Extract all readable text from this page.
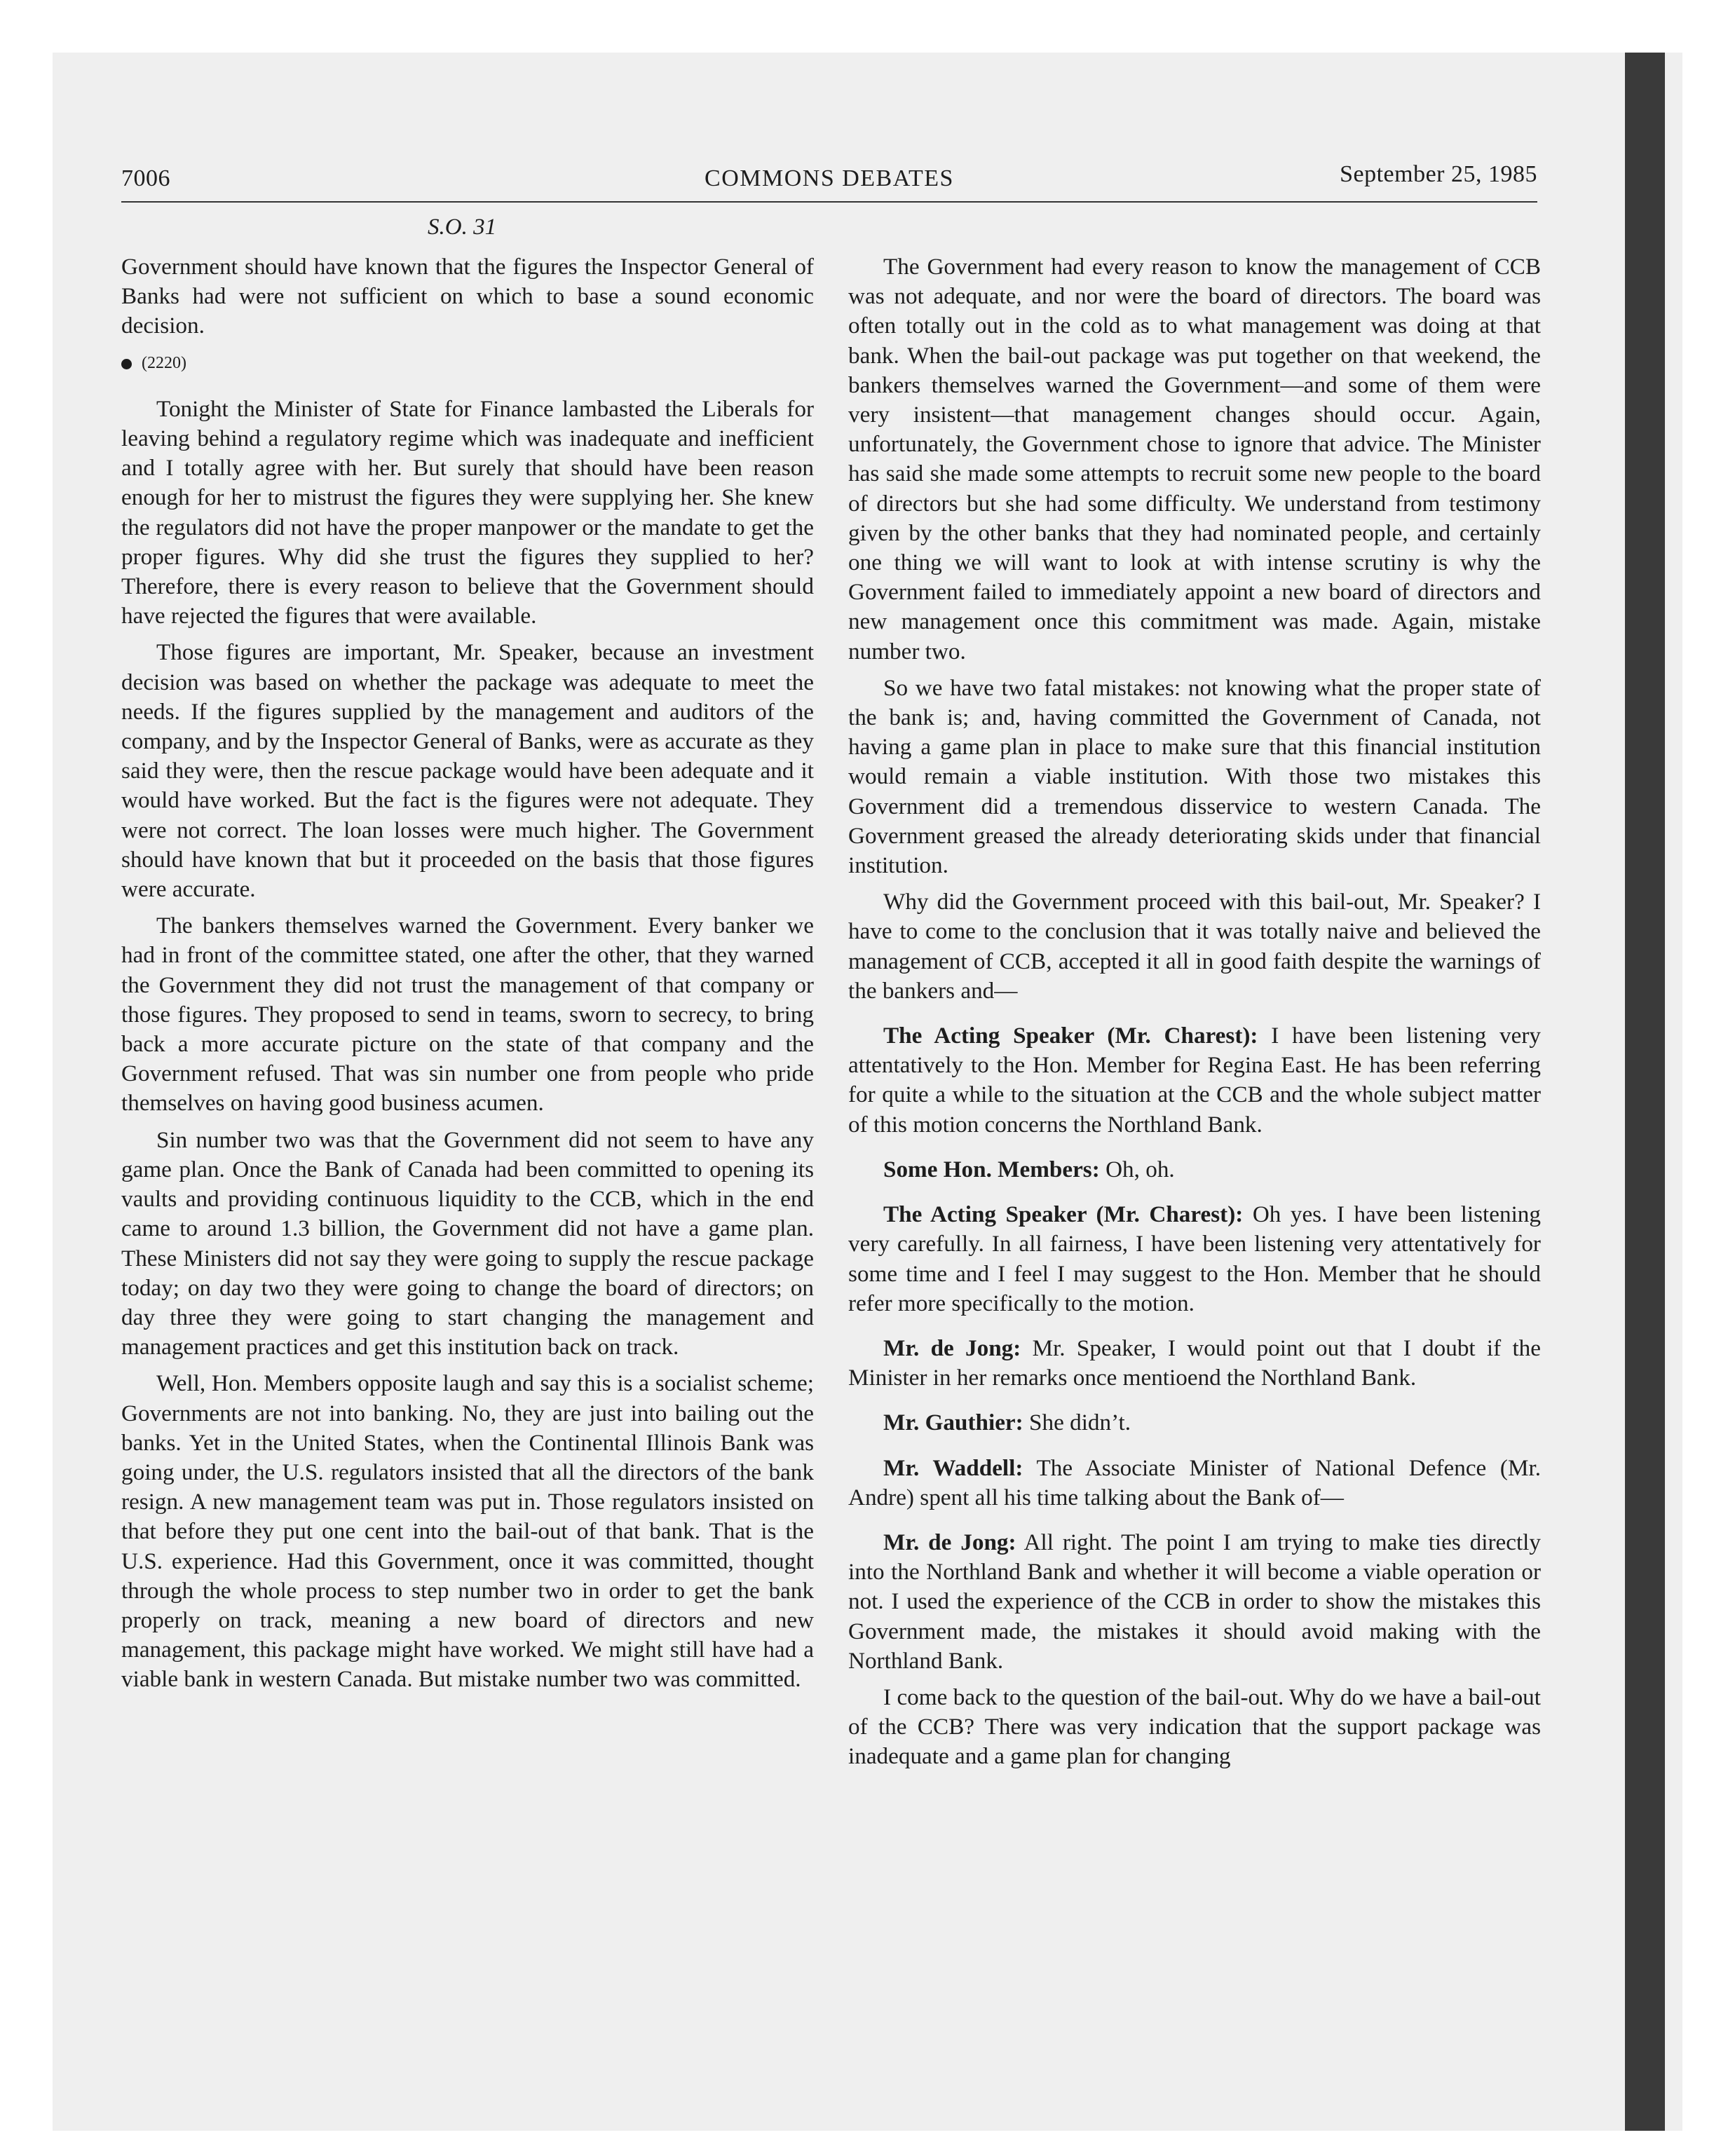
7006	COMMONS DEBATES	September 25, 1985
S.O. 31

Government should have known that the figures the Inspector General of Banks had were not sufficient on which to base a sound economic decision.

(2220)

Tonight the Minister of State for Finance lambasted the Liberals for leaving behind a regulatory regime which was inadequate and inefficient and I totally agree with her. But surely that should have been reason enough for her to mistrust the figures they were supplying her. She knew the regulators did not have the proper manpower or the mandate to get the proper figures. Why did she trust the figures they supplied to her? Therefore, there is every reason to believe that the Government should have rejected the figures that were available.

Those figures are important, Mr. Speaker, because an investment decision was based on whether the package was adequate to meet the needs. If the figures supplied by the management and auditors of the company, and by the Inspector General of Banks, were as accurate as they said they were, then the rescue package would have been adequate and it would have worked. But the fact is the figures were not adequate. They were not correct. The loan losses were much higher. The Government should have known that but it proceeded on the basis that those figures were accurate.

The bankers themselves warned the Government. Every banker we had in front of the committee stated, one after the other, that they warned the Government they did not trust the management of that company or those figures. They proposed to send in teams, sworn to secrecy, to bring back a more accurate picture on the state of that company and the Government refused. That was sin number one from people who pride themselves on having good business acumen.

Sin number two was that the Government did not seem to have any game plan. Once the Bank of Canada had been committed to opening its vaults and providing continuous liquidity to the CCB, which in the end came to around 1.3 billion, the Government did not have a game plan. These Ministers did not say they were going to supply the rescue package today; on day two they were going to change the board of directors; on day three they were going to start changing the management and management practices and get this institution back on track.

Well, Hon. Members opposite laugh and say this is a socialist scheme; Governments are not into banking. No, they are just into bailing out the banks. Yet in the United States, when the Continental Illinois Bank was going under, the U.S. regulators insisted that all the directors of the bank resign. A new management team was put in. Those regulators insisted on that before they put one cent into the bail-out of that bank. That is the U.S. experience. Had this Government, once it was committed, thought through the whole process to step number two in order to get the bank properly on track, meaning a new board of directors and new management, this package might have worked. We might still have had a viable bank in western Canada. But mistake number two was committed.

The Government had every reason to know the management of CCB was not adequate, and nor were the board of directors. The board was often totally out in the cold as to what management was doing at that bank. When the bail-out package was put together on that weekend, the bankers themselves warned the Government—and some of them were very insistent—that management changes should occur. Again, unfortunately, the Government chose to ignore that advice. The Minister has said she made some attempts to recruit some new people to the board of directors but she had some difficulty. We understand from testimony given by the other banks that they had nominated people, and certainly one thing we will want to look at with intense scrutiny is why the Government failed to immediately appoint a new board of directors and new management once this commitment was made. Again, mistake number two.

So we have two fatal mistakes: not knowing what the proper state of the bank is; and, having committed the Government of Canada, not having a game plan in place to make sure that this financial institution would remain a viable institution. With those two mistakes this Government did a tremendous disservice to western Canada. The Government greased the already deteriorating skids under that financial institution.

Why did the Government proceed with this bail-out, Mr. Speaker? I have to come to the conclusion that it was totally naive and believed the management of CCB, accepted it all in good faith despite the warnings of the bankers and—

The Acting Speaker (Mr. Charest): I have been listening very attentatively to the Hon. Member for Regina East. He has been referring for quite a while to the situation at the CCB and the whole subject matter of this motion concerns the Northland Bank.

Some Hon. Members: Oh, oh.

The Acting Speaker (Mr. Charest): Oh yes. I have been listening very carefully. In all fairness, I have been listening very attentatively for some time and I feel I may suggest to the Hon. Member that he should refer more specifically to the motion.

Mr. de Jong: Mr. Speaker, I would point out that I doubt if the Minister in her remarks once mentioend the Northland Bank.

Mr. Gauthier: She didn’t.

Mr. Waddell: The Associate Minister of National Defence (Mr. Andre) spent all his time talking about the Bank of—

Mr. de Jong: All right. The point I am trying to make ties directly into the Northland Bank and whether it will become a viable operation or not. I used the experience of the CCB in order to show the mistakes this Government made, the mistakes it should avoid making with the Northland Bank.

I come back to the question of the bail-out. Why do we have a bail-out of the CCB? There was very indication that the support package was inadequate and a game plan for changing
